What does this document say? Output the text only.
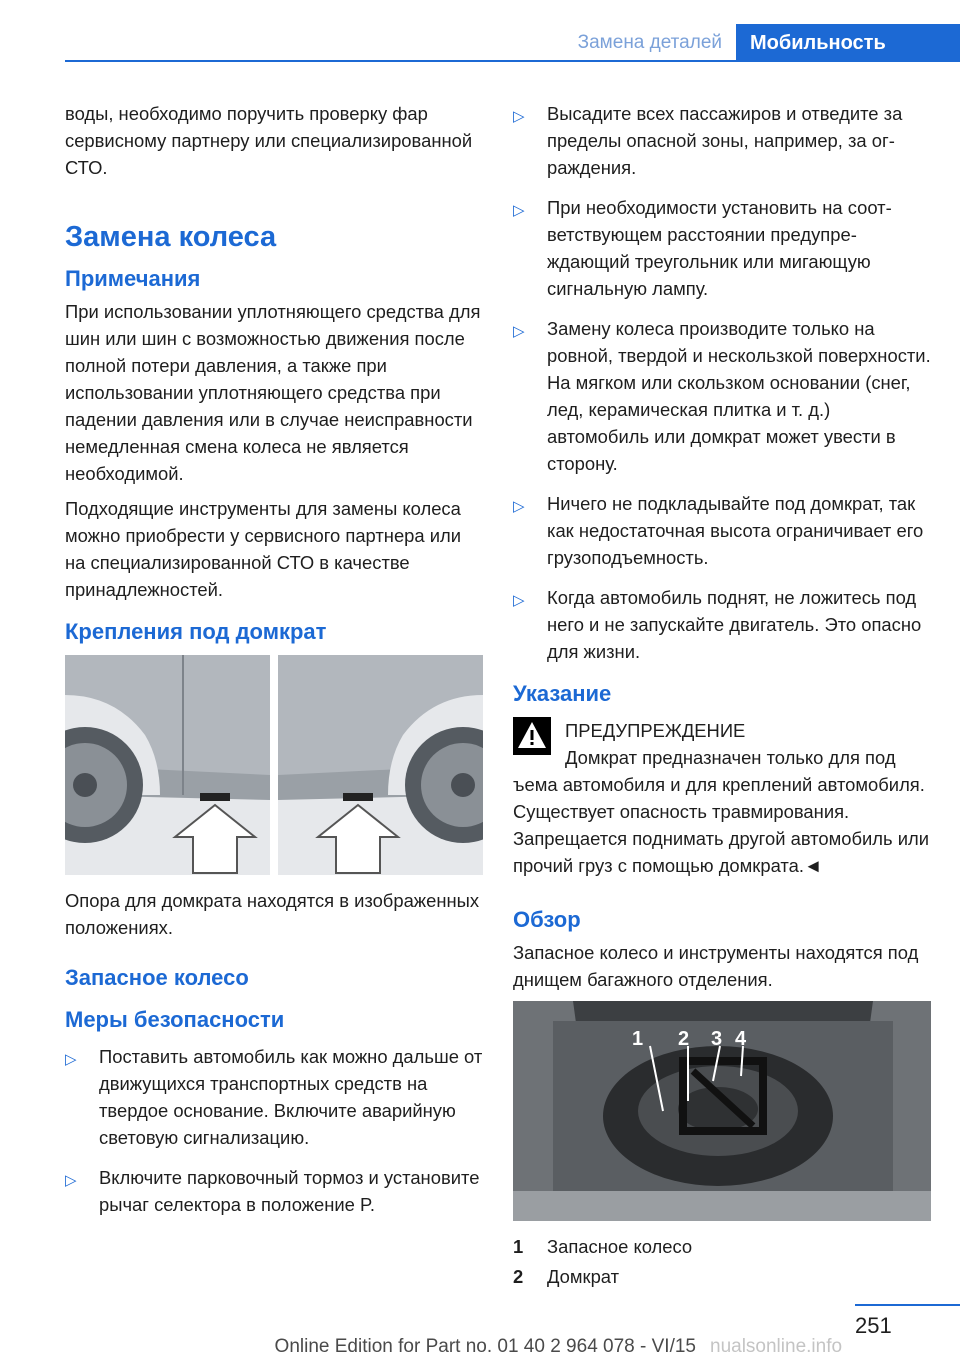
Замена деталей	Мобильность

воды, необходимо поручить проверку фар сервисному партнеру или специализированной СТО.

Замена колеса
Примечания

При использовании уплотняющего средства для шин или шин с возможностью движения после полной потери давления, а также при использовании уплотняющего средства при падении давления или в случае неисправности немедленная смена колеса не является необходимой.

Подходящие инструменты для замены колеса можно приобрести у сервисного партнера или на специализированной СТО в качестве принадлежностей.

Крепления под домкрат

Опора для домкрата находятся в изображенных положениях.

Запасное колесо
Меры безопасности
▷ Поставить автомобиль как можно дальше от движущихся транспортных средств на твердое основание. Включите аварийную световую сигнализацию.
▷ Включите парковочный тормоз и установите рычаг селектора в положение P.
▷ Высадите всех пассажиров и отведите за пределы опасной зоны, например, за ограждения.
▷ При необходимости установить на соответствующем расстоянии предупреждающий треугольник или мигающую сигнальную лампу.
▷ Замену колеса производите только на ровной, твердой и нескользкой поверхности. На мягком или скользком основании (снег, лед, керамическая плитка и т. д.) автомобиль или домкрат может увести в сторону.
▷ Ничего не подкладывайте под домкрат, так как недостаточная высота ограничивает его грузоподъемность.
▷ Когда автомобиль поднят, не ложитесь под него и не запускайте двигатель. Это опасно для жизни.
Указание
ПРЕДУПРЕЖДЕНИЕ
Домкрат предназначен только для под

ъема автомобиля и для креплений автомобиля. Существует опасность травмирования. Запрещается поднимать другой автомобиль или прочий груз с помощью домкрата.◄

Обзор

Запасное колесо и инструменты находятся под днищем багажного отделения.

1 2 3 4
1	Запасное колесо
2	Домкрат
251
Online Edition for Part no. 01 40 2 964 078 - VI/15 nualsonline.info
